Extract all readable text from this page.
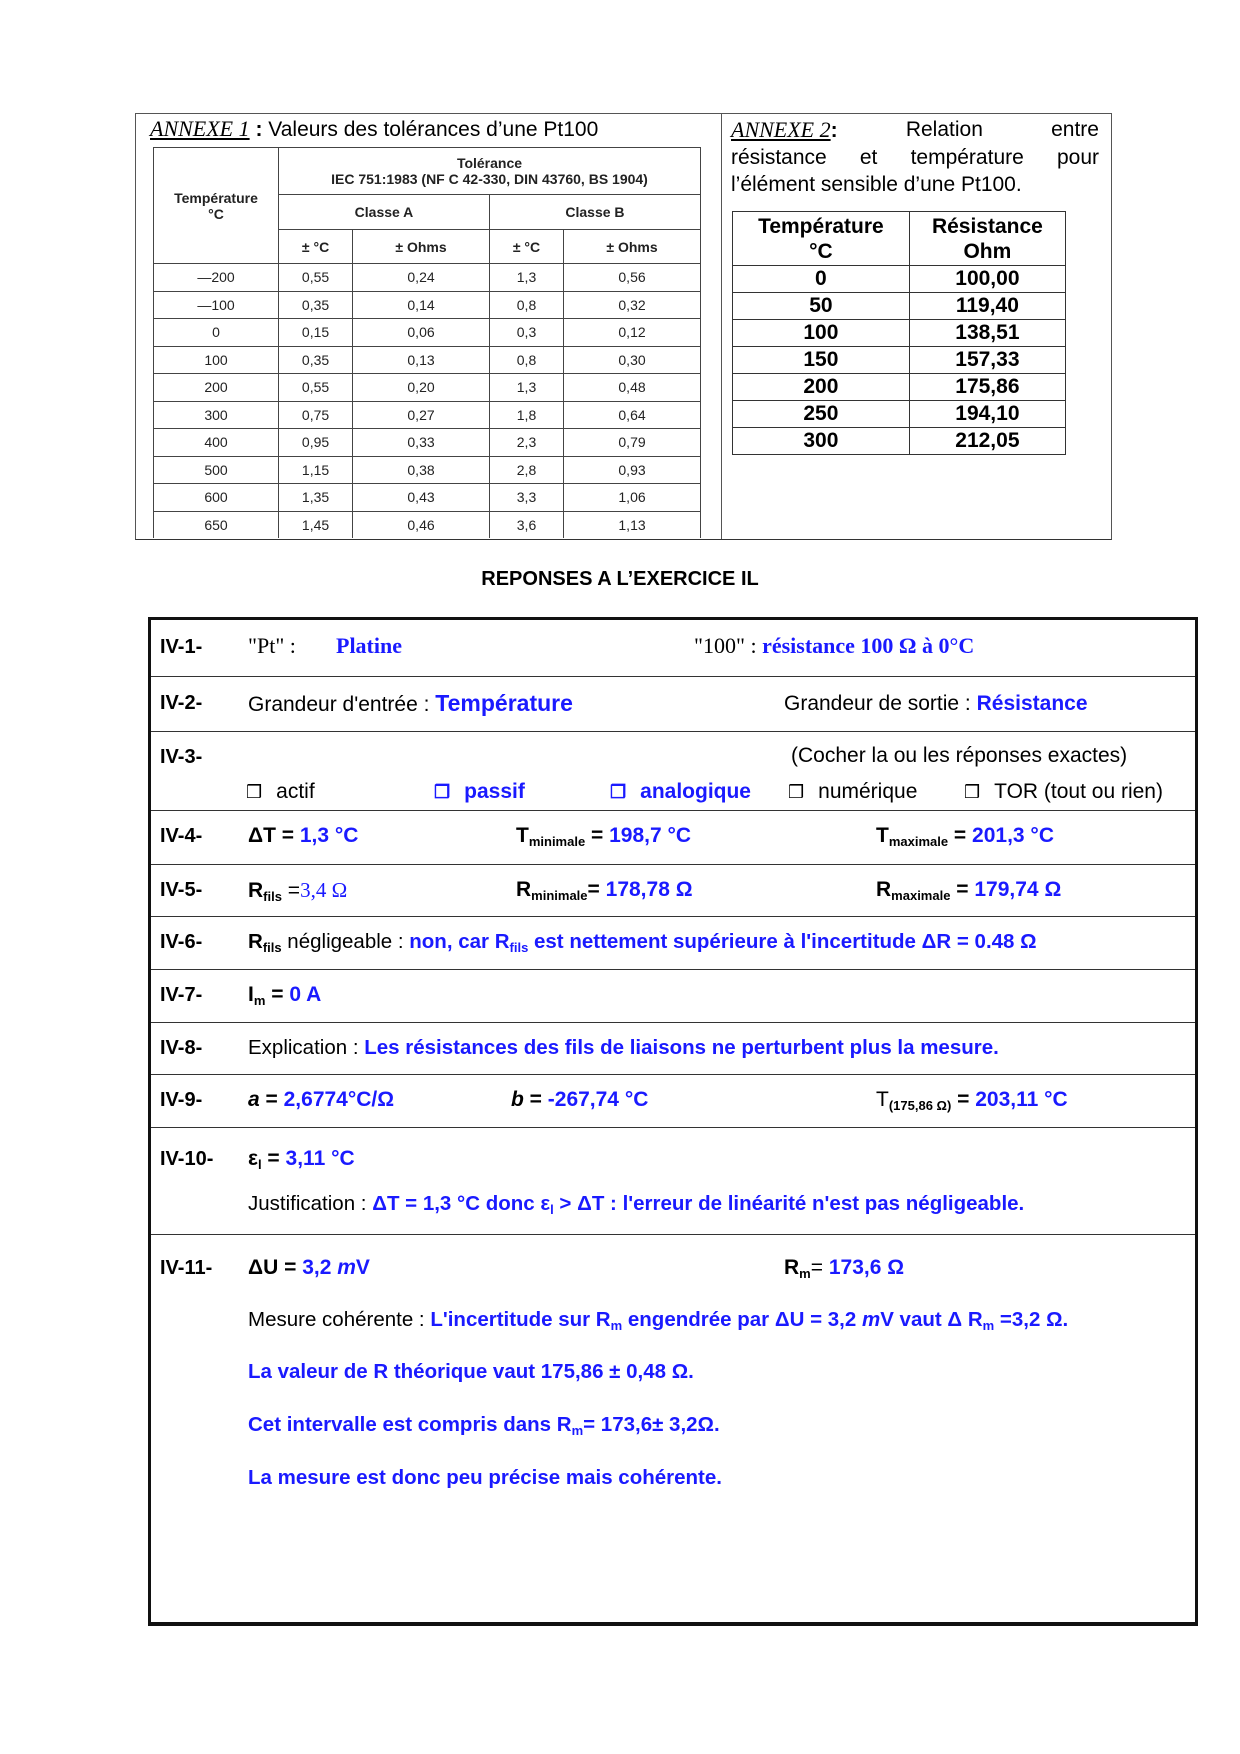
ANNEXE 1 : Valeurs des tolérances d’une Pt100
Température
°C	Tolérance
IEC 751:1983 (NF C 42-330, DIN 43760, BS 1904)			
	Classe A		Classe B	
	± °C	± Ohms	± °C	± Ohms
—200	0,55	0,24	1,3	0,56
—100	0,35	0,14	0,8	0,32
0	0,15	0,06	0,3	0,12
100	0,35	0,13	0,8	0,30
200	0,55	0,20	1,3	0,48
300	0,75	0,27	1,8	0,64
400	0,95	0,33	2,3	0,79
500	1,15	0,38	2,8	0,93
600	1,35	0,43	3,3	1,06
650	1,45	0,46	3,6	1,13
ANNEXE 2:	Relation	entre
résistance et température pour
l’élément sensible d’une Pt100.
Température
°C	Résistance
Ohm
0	100,00
50	119,40
100	138,51
150	157,33
200	175,86
250	194,10
300	212,05
REPONSES A L’EXERCICE IL
IV-1- "Pt" : Platine	"100" : résistance 100 Ω à 0°C
IV-2- Grandeur d'entrée : Température	Grandeur de sortie : Résistance
IV-3-	(Cocher la ou les réponses exactes)
❒ actif	❒ passif	❒ analogique ❒ numérique	❒ TOR (tout ou rien)
IV-4- ΔT = 1,3 °C	$T_{minimale} = 198,7$ °C	$T_{maximale} = 201,3$ °C
IV-5- $R_{fils} =3,4$ Ω	$R_{minimale}= 178,78$ Ω	$R_{maximale} = 179,74$ Ω
IV-6- $R_{fils}$ négligeable : non, car $R_{fils}$ est nettement supérieure à l'incertitude ΔR = 0.48 Ω
IV-7- $I_m = 0$ A
IV-8- Explication : Les résistances des fils de liaisons ne perturbent plus la mesure.
IV-9- a = 2,6774°C/Ω	b = -267,74 °C	$T_{(175,86 \Omega)} = 203,11$ °C
IV-10- $\varepsilon_l = 3,11$ °C
Justification : ΔT = 1,3 °C donc $\varepsilon_l > \Delta T$ : l'erreur de linéarité n'est pas négligeable.
IV-11- ΔU = 3,2 mV	$R_m= 173,6$ Ω
Mesure cohérente : L'incertitude sur $R_m$ engendrée par ΔU = 3,2 mV vaut Δ $R_m =3,2$ Ω.
La valeur de R théorique vaut 175,86 ± 0,48 Ω.
Cet intervalle est compris dans $R_m= 173,6\pm 3,2\Omega$.
La mesure est donc peu précise mais cohérente.
